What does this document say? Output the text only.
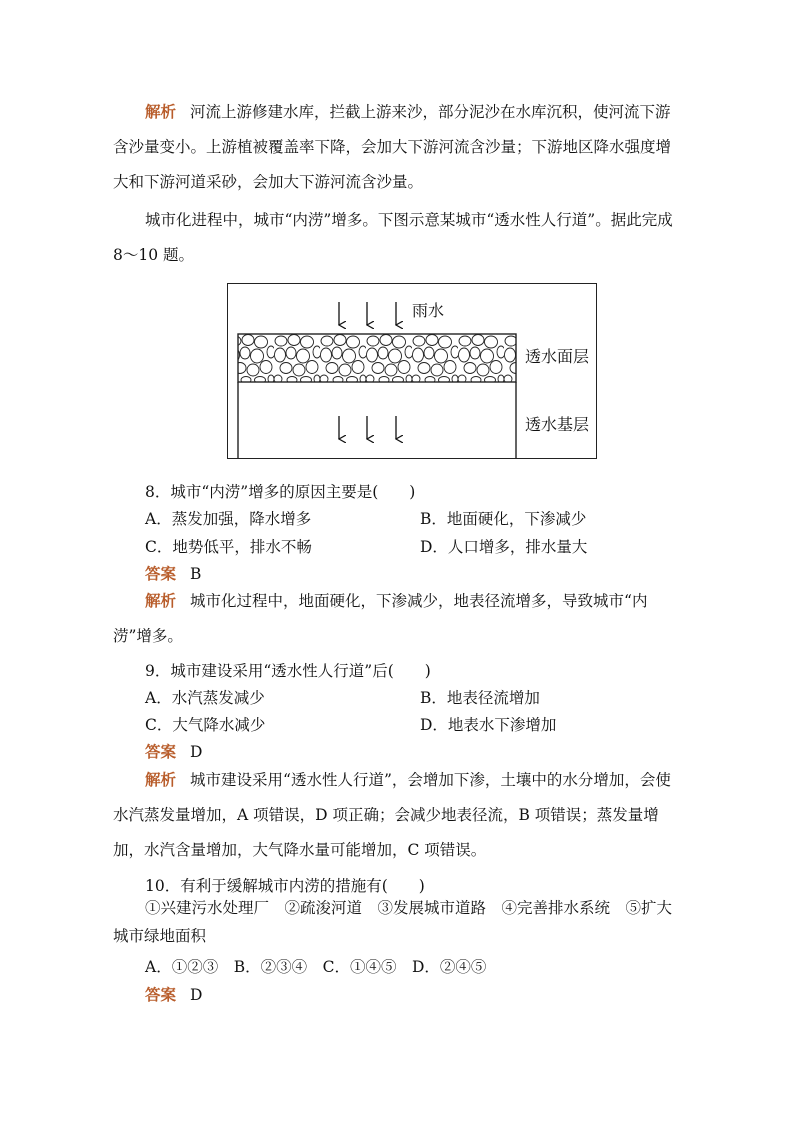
解析 河流上游修建水库，拦截上游来沙，部分泥沙在水库沉积，使河流下游含沙量变小。上游植被覆盖率下降，会加大下游河流含沙量；下游地区降水强度增大和下游河道采砂，会加大下游河流含沙量。
城市化进程中，城市“内涝”增多。下图示意某城市“透水性人行道”。据此完成 8～10 题。
雨水
透水面层
透水基层
8．城市“内涝”增多的原因主要是(　　)
A．蒸发加强，降水增多	B．地面硬化，下渗减少
C．地势低平，排水不畅	D．人口增多，排水量大
答案 B
解析 城市化过程中，地面硬化，下渗减少，地表径流增多，导致城市“内涝”增多。
9．城市建设采用“透水性人行道”后(　　)
A．水汽蒸发减少	B．地表径流增加
C．大气降水减少	D．地表水下渗增加
答案 D
解析 城市建设采用“透水性人行道”，会增加下渗，土壤中的水分增加，会使水汽蒸发量增加，A 项错误，D 项正确；会减少地表径流，B 项错误；蒸发量增加，水汽含量增加，大气降水量可能增加，C 项错误。
10．有利于缓解城市内涝的措施有(　　)
①兴建污水处理厂　②疏浚河道　③发展城市道路　④完善排水系统　⑤扩大城市绿地面积
A．①②③　B．②③④　C．①④⑤　D．②④⑤
答案 D
